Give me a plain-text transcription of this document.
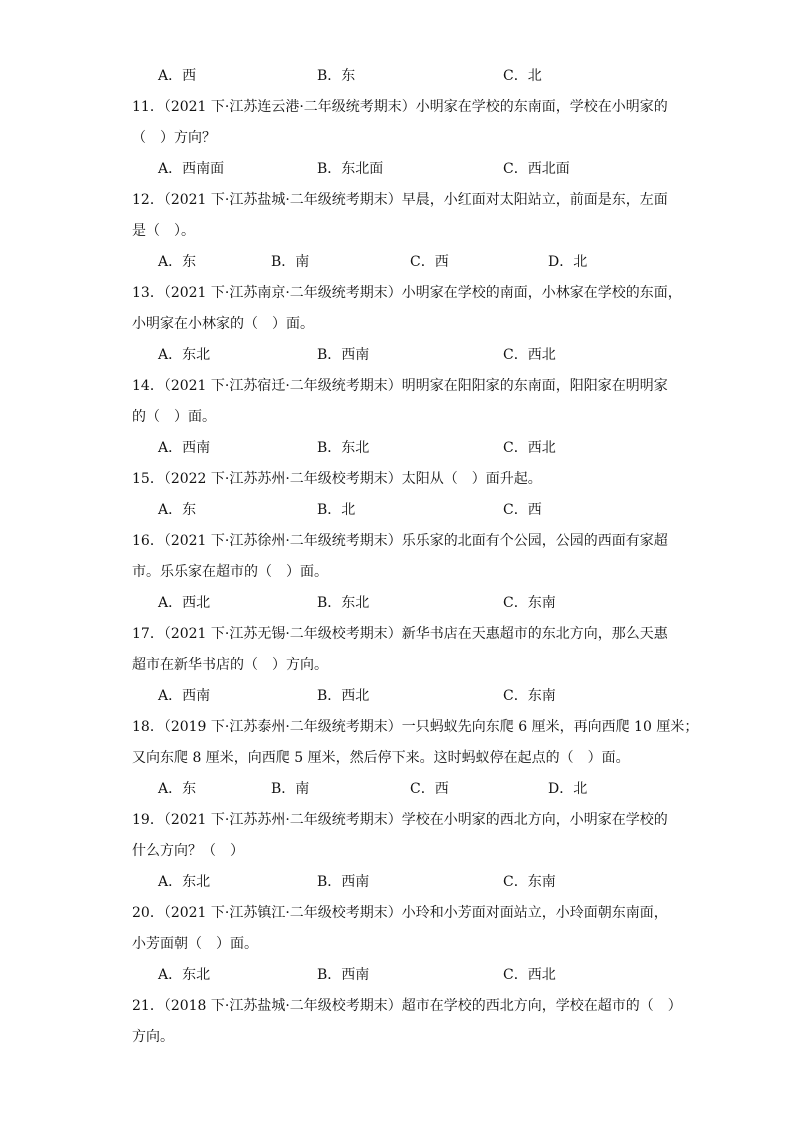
A．西	B．东	C．北
11．（2021 下·江苏连云港·二年级统考期末）小明家在学校的东南面，学校在小明家的
（　）方向？
A．西南面	B．东北面	C．西北面
12．（2021 下·江苏盐城·二年级统考期末）早晨，小红面对太阳站立，前面是东，左面
是（　）。
A．东	B．南	C．西	D．北
13．（2021 下·江苏南京·二年级统考期末）小明家在学校的南面，小林家在学校的东面，
小明家在小林家的（　）面。
A．东北	B．西南	C．西北
14．（2021 下·江苏宿迁·二年级统考期末）明明家在阳阳家的东南面，阳阳家在明明家
的（　）面。
A．西南	B．东北	C．西北
15．（2022 下·江苏苏州·二年级校考期末）太阳从（　）面升起。
A．东	B．北	C．西
16．（2021 下·江苏徐州·二年级统考期末）乐乐家的北面有个公园，公园的西面有家超
市。乐乐家在超市的（　）面。
A．西北	B．东北	C．东南
17．（2021 下·江苏无锡·二年级校考期末）新华书店在天惠超市的东北方向，那么天惠
超市在新华书店的（　）方向。
A．西南	B．西北	C．东南
18．（2019 下·江苏泰州·二年级统考期末）一只蚂蚁先向东爬 6 厘米，再向西爬 10 厘米；
又向东爬 8 厘米，向西爬 5 厘米，然后停下来。这时蚂蚁停在起点的（　）面。
A．东	B．南	C．西	D．北
19．（2021 下·江苏苏州·二年级统考期末）学校在小明家的西北方向，小明家在学校的
什么方向？（　）
A．东北	B．西南	C．东南
20．（2021 下·江苏镇江·二年级校考期末）小玲和小芳面对面站立，小玲面朝东南面，
小芳面朝（　）面。
A．东北	B．西南	C．西北
21．（2018 下·江苏盐城·二年级校考期末）超市在学校的西北方向，学校在超市的（　）
方向。
